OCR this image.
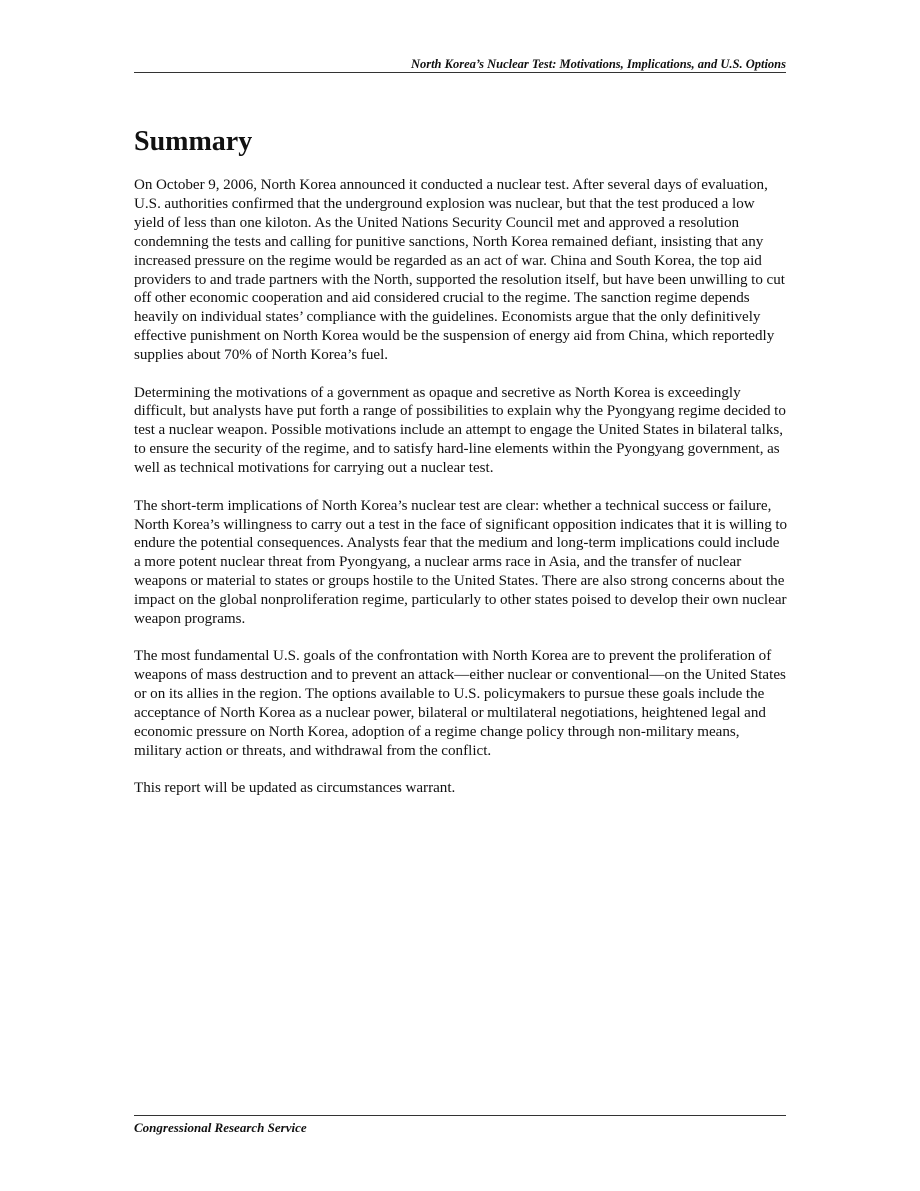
North Korea’s Nuclear Test: Motivations, Implications, and U.S. Options
Summary

On October 9, 2006, North Korea announced it conducted a nuclear test. After several days of evaluation, U.S. authorities confirmed that the underground explosion was nuclear, but that the test produced a low yield of less than one kiloton. As the United Nations Security Council met and approved a resolution condemning the tests and calling for punitive sanctions, North Korea remained defiant, insisting that any increased pressure on the regime would be regarded as an act of war. China and South Korea, the top aid providers to and trade partners with the North, supported the resolution itself, but have been unwilling to cut off other economic cooperation and aid considered crucial to the regime. The sanction regime depends heavily on individual states’ compliance with the guidelines. Economists argue that the only definitively effective punishment on North Korea would be the suspension of energy aid from China, which reportedly supplies about 70% of North Korea’s fuel.

Determining the motivations of a government as opaque and secretive as North Korea is exceedingly difficult, but analysts have put forth a range of possibilities to explain why the Pyongyang regime decided to test a nuclear weapon. Possible motivations include an attempt to engage the United States in bilateral talks, to ensure the security of the regime, and to satisfy hard-line elements within the Pyongyang government, as well as technical motivations for carrying out a nuclear test.

The short-term implications of North Korea’s nuclear test are clear: whether a technical success or failure, North Korea’s willingness to carry out a test in the face of significant opposition indicates that it is willing to endure the potential consequences. Analysts fear that the medium and long-term implications could include a more potent nuclear threat from Pyongyang, a nuclear arms race in Asia, and the transfer of nuclear weapons or material to states or groups hostile to the United States. There are also strong concerns about the impact on the global nonproliferation regime, particularly to other states poised to develop their own nuclear weapon programs.

The most fundamental U.S. goals of the confrontation with North Korea are to prevent the proliferation of weapons of mass destruction and to prevent an attack—either nuclear or conventional—on the United States or on its allies in the region. The options available to U.S. policymakers to pursue these goals include the acceptance of North Korea as a nuclear power, bilateral or multilateral negotiations, heightened legal and economic pressure on North Korea, adoption of a regime change policy through non-military means, military action or threats, and withdrawal from the conflict.

This report will be updated as circumstances warrant.

Congressional Research Service
